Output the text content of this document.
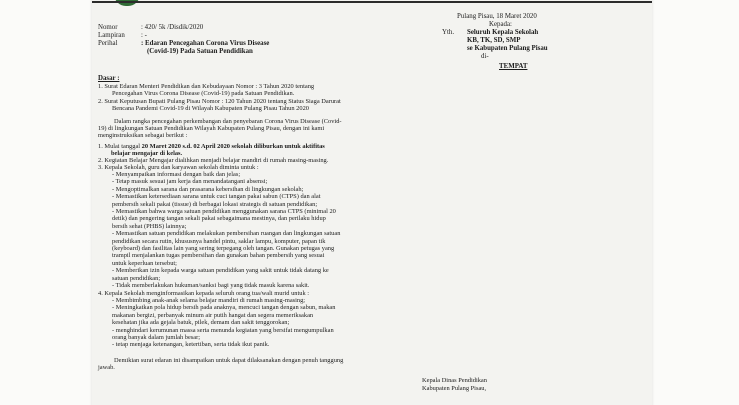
Pulang Pisau, 18 Maret 2020
Nomor	: 420/ 5k /Disdik/2020
Lampiran : -
Perihal	: Edaran Pencegahan Corona Virus Disease
(Covid-19) Pada Satuan Pendidikan
Kepada:
Yth. Seluruh Kepala Sekolah
KB, TK, SD, SMP
se Kabupaten Pulang Pisau
di-
TEMPAT
Dasar :
1. Surat Edaran Menteri Pendidikan dan Kebudayaan Nomor : 3 Tahun 2020 tentang
Pencegahan Virus Corona Disease (Covid-19) pada Satuan Pendidikan.
2. Surat Keputusan Bupati Pulang Pisau Nomor : 120 Tahun 2020 tentang Status Siaga Darurat
Bencana Pandemi Covid-19 di Wilayah Kabupaten Pulang Pisau Tahun 2020
Dalam rangka pencegahan perkembangan dan penyebaran Corona Virus Disease (Covid-
19) di lingkungan Satuan Pendidikan Wilayah Kabupaten Pulang Pisau, dengan ini kami
menginstruksikan sebagai berikut :
1. Mulai tanggal 20 Maret 2020 s.d. 02 April 2020 sekolah diliburkan untuk aktifitas
belajar mengajar di kelas.
2. Kegiatan Belajar Mengajar dialihkan menjadi belajar mandiri di rumah masing-masing.
3. Kepala Sekolah, guru dan karyawan sekolah diminta untuk :
- Menyampaikan informasi dengan baik dan jelas;
- Tetap masuk sesuai jam kerja dan menandatangani absensi;
- Mengoptimalkan sarana dan prasarana kebersihan di lingkungan sekolah;
- Memastikan ketersediaan sarana untuk cuci tangan pakai sabun (CTPS) dan alat
pembersih sekali pakai (tissue) di berbagai lokasi strategis di satuan pendidikan;
- Memastikan bahwa warga satuan pendidikan menggunakan sarana CTPS (minimal 20
detik) dan pengering tangan sekali pakai sebagaimana mestinya, dan perilaku hidup
bersih sehat (PHBS) lainnya;
- Memastikan satuan pendidikan melakukan pembersihan ruangan dan lingkungan satuan
pendidikan secara rutin, khususnya handel pintu, saklar lampu, komputer, papan tik
(keyboard) dan fasilitas lain yang sering terpegang oleh tangan. Gunakan petugas yang
trampil menjalankan tugas pembersihan dan gunakan bahan pembersih yang sesuai
untuk keperluan tersebut;
- Memberikan izin kepada warga satuan pendidikan yang sakit untuk tidak datang ke
satuan pendidikan;
- Tidak memberlakukan hukuman/sanksi bagi yang tidak masuk karena sakit.
4. Kepala Sekolah menginformasikan kepada seluruh orang tua/wali murid untuk :
- Membimbing anak-anak selama belajar mandiri di rumah masing-masing;
- Meningkatkan pola hidup bersih pada anaknya, mencuci tangan dengan sabun, makan
makanan bergizi, perbanyak minum air putih hangat dan segera memeriksakan
kesehatan jika ada gejala batuk, pilek, demam dan sakit tenggorokan;
- menghindari kerumunan massa serta menunda kegiatan yang bersifat mengumpulkan
orang banyak dalam jumlah besar;
- tetap menjaga ketenangan, ketertiban, serta tidak ikut panik.
Demikian surat edaran ini disampaikan untuk dapat dilaksanakan dengan penuh tanggung
jawab.
Kepala Dinas Pendidikan
Kabupaten Pulang Pisau,
